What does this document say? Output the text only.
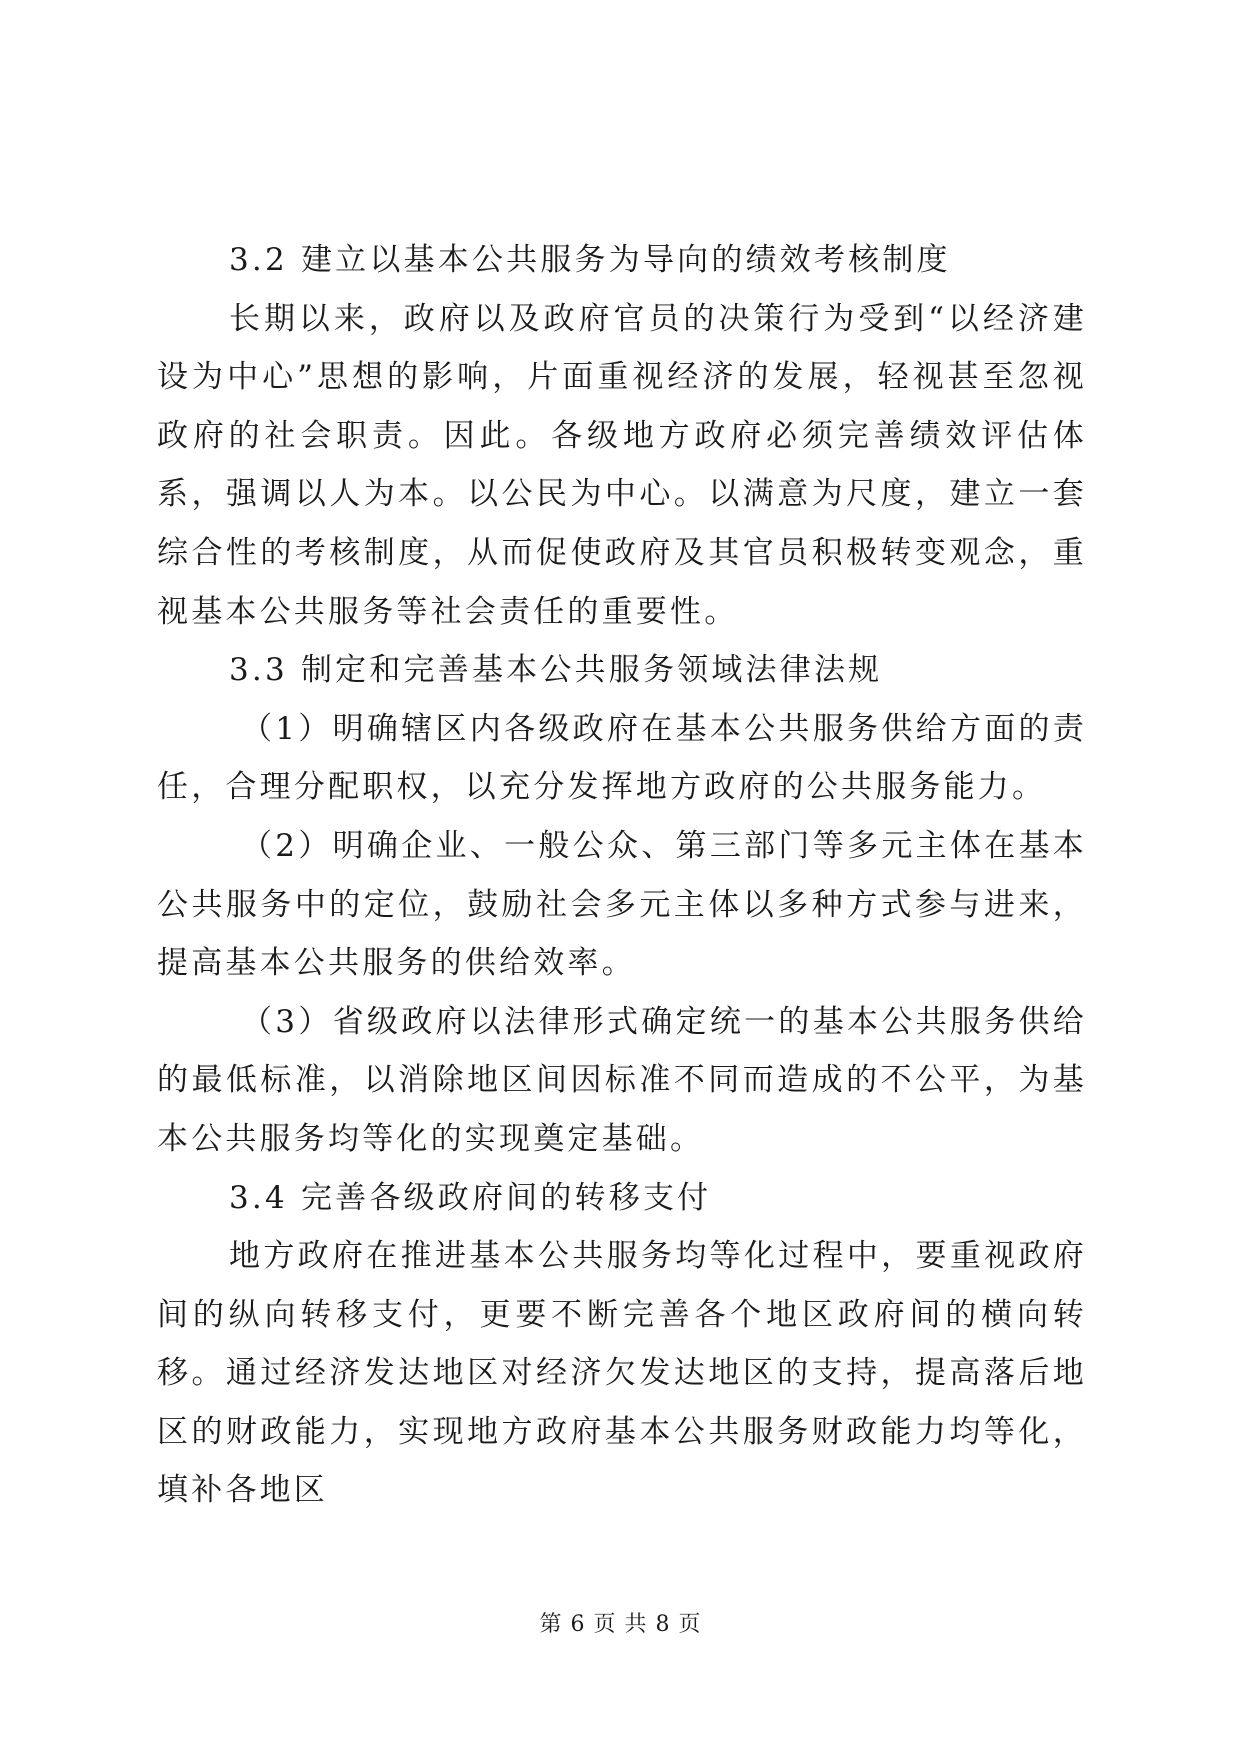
3.2 建立以基本公共服务为导向的绩效考核制度

长期以来，政府以及政府官员的决策行为受到“以经济建设为中心”思想的影响，片面重视经济的发展，轻视甚至忽视政府的社会职责。因此。各级地方政府必须完善绩效评估体系，强调以人为本。以公民为中心。以满意为尺度，建立一套综合性的考核制度，从而促使政府及其官员积极转变观念，重视基本公共服务等社会责任的重要性。

3.3 制定和完善基本公共服务领域法律法规

（1）明确辖区内各级政府在基本公共服务供给方面的责任，合理分配职权，以充分发挥地方政府的公共服务能力。

（2）明确企业、一般公众、第三部门等多元主体在基本公共服务中的定位，鼓励社会多元主体以多种方式参与进来，提高基本公共服务的供给效率。

（3）省级政府以法律形式确定统一的基本公共服务供给的最低标准，以消除地区间因标准不同而造成的不公平，为基本公共服务均等化的实现奠定基础。

3.4 完善各级政府间的转移支付

地方政府在推进基本公共服务均等化过程中，要重视政府间的纵向转移支付，更要不断完善各个地区政府间的横向转移。通过经济发达地区对经济欠发达地区的支持，提高落后地区的财政能力，实现地方政府基本公共服务财政能力均等化，填补各地区

第 6 页 共 8 页
